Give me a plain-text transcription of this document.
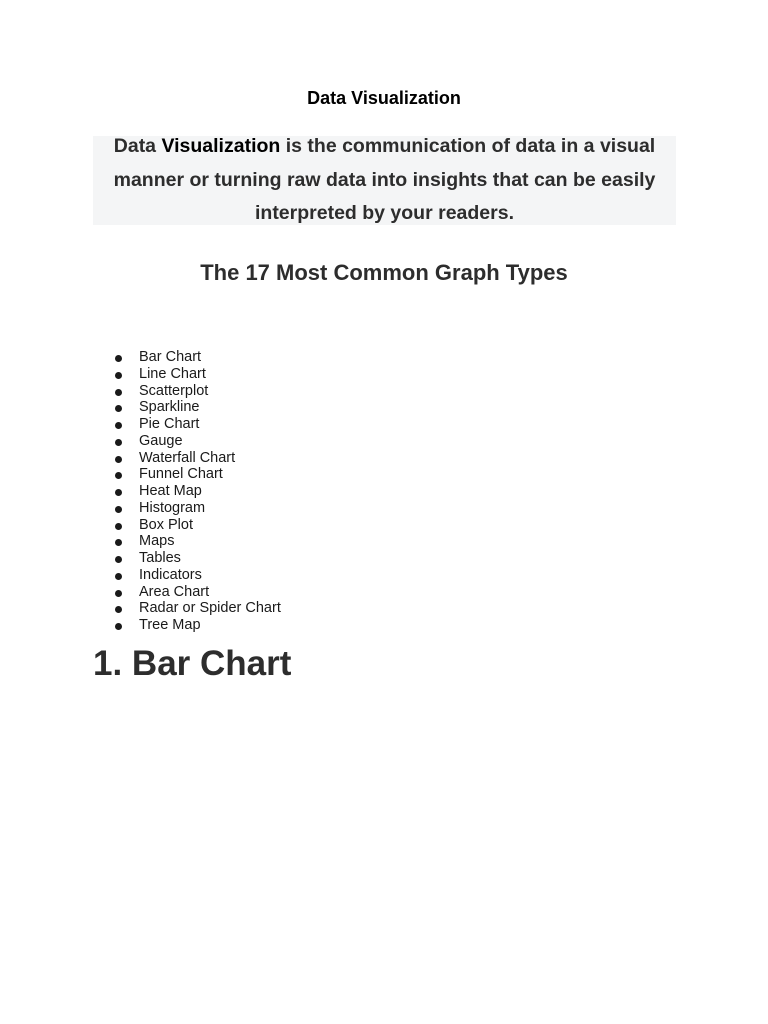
Data Visualization

Data Visualization is the communication of data in a visual manner or turning raw data into insights that can be easily interpreted by your readers.

The 17 Most Common Graph Types
Bar Chart
Line Chart
Scatterplot
Sparkline
Pie Chart
Gauge
Waterfall Chart
Funnel Chart
Heat Map
Histogram
Box Plot
Maps
Tables
Indicators
Area Chart
Radar or Spider Chart
Tree Map
1. Bar Chart
